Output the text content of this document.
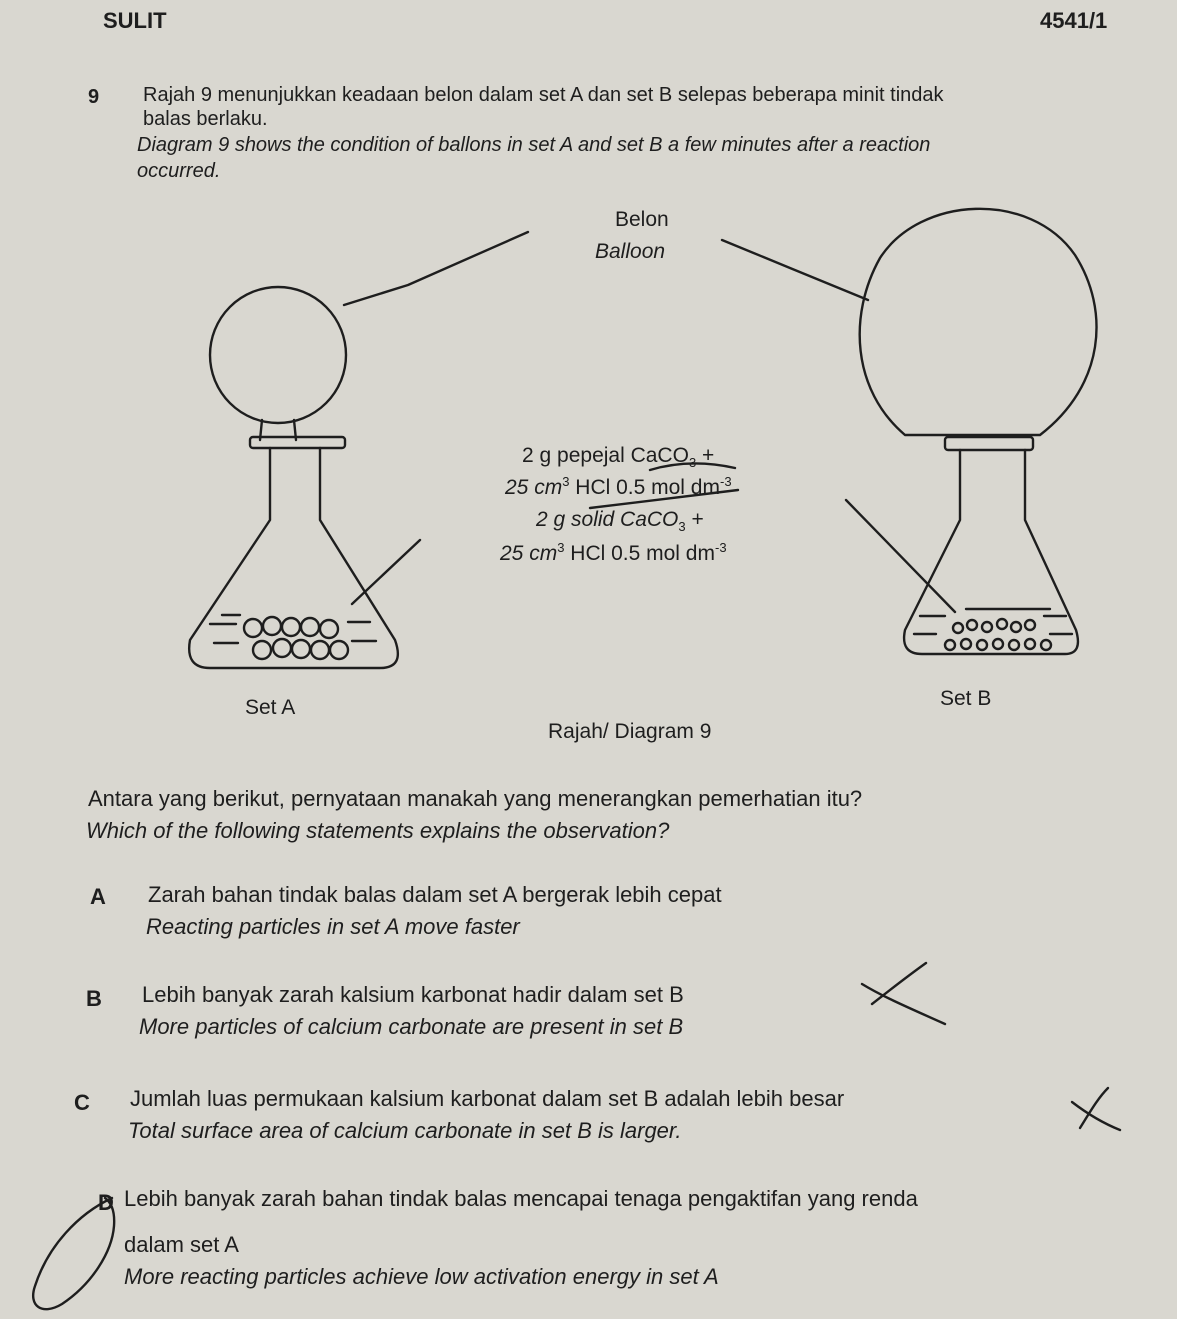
SULIT	4541/1
9 Rajah 9 menunjukkan keadaan belon dalam set A dan set B selepas beberapa minit tindak
balas berlaku.
Diagram 9 shows the condition of ballons in set A and set B a few minutes after a reaction
occurred.
Belon
Balloon
2 g pepejal CaCO$_3$ +
25 $cm^3$ HCl 0.5 mol $dm^{-3}$
2 g solid CaCO$_3$ +
25 $cm^3$ HCl 0.5 mol $dm^{-3}$
Set A	Set B
Rajah/ Diagram 9
Antara yang berikut, pernyataan manakah yang menerangkan pemerhatian itu?
Which of the following statements explains the observation?
A Zarah bahan tindak balas dalam set A bergerak lebih cepat
Reacting particles in set A move faster
B Lebih banyak zarah kalsium karbonat hadir dalam set B
More particles of calcium carbonate are present in set B
C Jumlah luas permukaan kalsium karbonat dalam set B adalah lebih besar
Total surface area of calcium carbonate in set B is larger.
D Lebih banyak zarah bahan tindak balas mencapai tenaga pengaktifan yang renda
dalam set A
More reacting particles achieve low activation energy in set A
